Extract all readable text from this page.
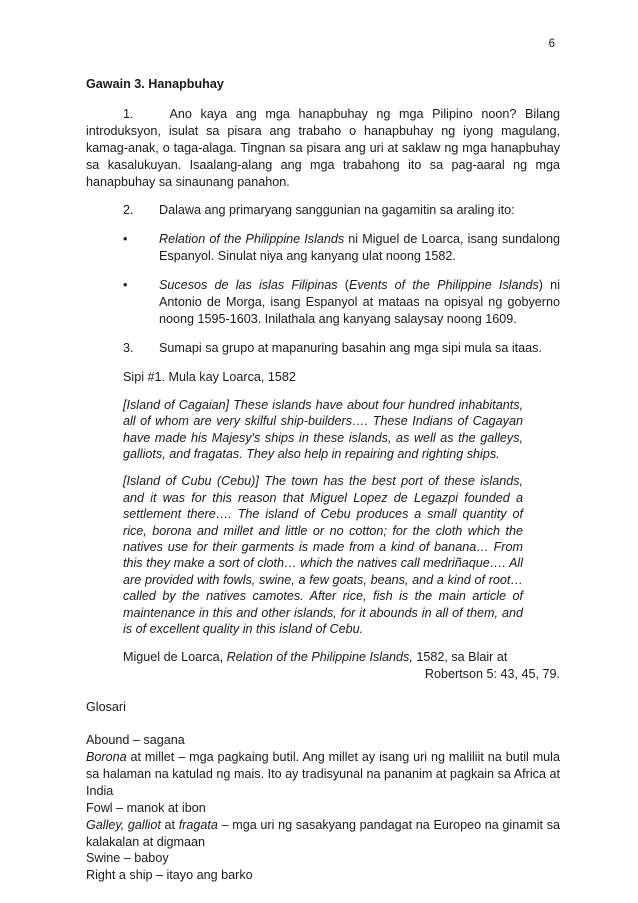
6

Gawain 3. Hanapbuhay

1.	Ano kaya ang mga hanapbuhay ng mga Pilipino noon? Bilang introduksyon, isulat sa pisara ang trabaho o hanapbuhay ng iyong magulang, kamag-anak, o taga-alaga. Tingnan sa pisara ang uri at saklaw ng mga hanapbuhay sa kasalukuyan. Isaalang-alang ang mga trabahong ito sa pag-aaral ng mga hanapbuhay sa sinaunang panahon.

2.	Dalawa ang primaryang sanggunian na gagamitin sa araling ito:
•	Relation of the Philippine Islands ni Miguel de Loarca, isang sundalong Espanyol. Sinulat niya ang kanyang ulat noong 1582.
•	Sucesos de las islas Filipinas (Events of the Philippine Islands) ni Antonio de Morga, isang Espanyol at mataas na opisyal ng gobyerno noong 1595-1603. Inilathala ang kanyang salaysay noong 1609.
3.	Sumapi sa grupo at mapanuring basahin ang mga sipi mula sa itaas.

Sipi #1. Mula kay Loarca, 1582

[Island of Cagaian] These islands have about four hundred inhabitants, all of whom are very skilful ship-builders…. These Indians of Cagayan have made his Majesy's ships in these islands, as well as the galleys, galliots, and fragatas. They also help in repairing and righting ships.

[Island of Cubu (Cebu)] The town has the best port of these islands, and it was for this reason that Miguel Lopez de Legazpi founded a settlement there…. The island of Cebu produces a small quantity of rice, borona and millet and little or no cotton; for the cloth which the natives use for their garments is made from a kind of banana… From this they make a sort of cloth… which the natives call medriñaque…. All are provided with fowls, swine, a few goats, beans, and a kind of root… called by the natives camotes. After rice, fish is the main article of maintenance in this and other islands, for it abounds in all of them, and is of excellent quality in this island of Cebu.

Miguel de Loarca, Relation of the Philippine Islands, 1582, sa Blair at
Robertson 5: 43, 45, 79.

Glosari

Abound – sagana

Borona at millet – mga pagkaing butil. Ang millet ay isang uri ng maliliit na butil mula sa halaman na katulad ng mais. Ito ay tradisyunal na pananim at pagkain sa Africa at India

Fowl – manok at ibon

Galley, galliot at fragata – mga uri ng sasakyang pandagat na Europeo na ginamit sa kalakalan at digmaan

Swine – baboy

Right a ship – itayo ang barko
